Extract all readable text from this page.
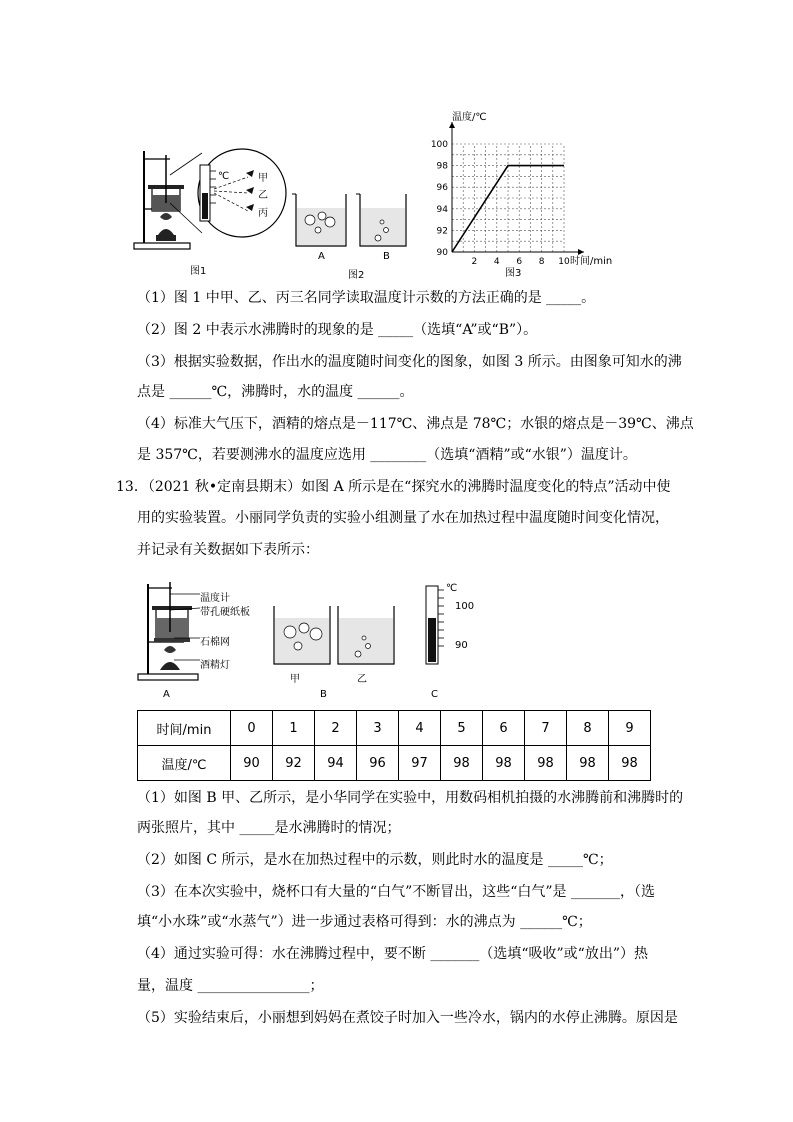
℃	甲
乙
丙
图1
A	B
图2
2 4 6 8 10
90
92
94
96
98
100
温度/℃
时间/min
图3
（1）图 1 中甲、乙、丙三名同学读取温度计示数的方法正确的是 _____。
（2）图 2 中表示水沸腾时的现象的是 _____（选填“A”或“B”）。
（3）根据实验数据，作出水的温度随时间变化的图象，如图 3 所示。由图象可知水的沸
点是 ______℃，沸腾时，水的温度 ______。
（4）标准大气压下，酒精的熔点是－117℃、沸点是 78℃；水银的熔点是－39℃、沸点
是 357℃，若要测沸水的温度应选用 ________（选填“酒精”或“水银”）温度计。
13．（2021 秋•定南县期末）如图 A 所示是在“探究水的沸腾时温度变化的特点”活动中使
用的实验装置。小丽同学负责的实验小组测量了水在加热过程中温度随时间变化情况，
并记录有关数据如下表所示：
温度计
带孔硬纸板
石棉网
酒精灯
A
甲	乙
B
℃
100
90
C
时间/min	0	1	2	3	4	5	6	7	8	9
温度/℃	90	92	94	96	97	98	98	98	98	98
（1）如图 B 甲、乙所示，是小华同学在实验中，用数码相机拍摄的水沸腾前和沸腾时的
两张照片，其中 _____是水沸腾时的情况；
（2）如图 C 所示，是水在加热过程中的示数，则此时水的温度是 _____℃；
（3）在本次实验中，烧杯口有大量的“白气”不断冒出，这些“白气”是 _______，（选
填“小水珠”或“水蒸气”）进一步通过表格可得到：水的沸点为 ______℃；
（4）通过实验可得：水在沸腾过程中，要不断 _______（选填“吸收”或“放出”）热
量，温度 ________________；
（5）实验结束后，小丽想到妈妈在煮饺子时加入一些冷水，锅内的水停止沸腾。原因是
